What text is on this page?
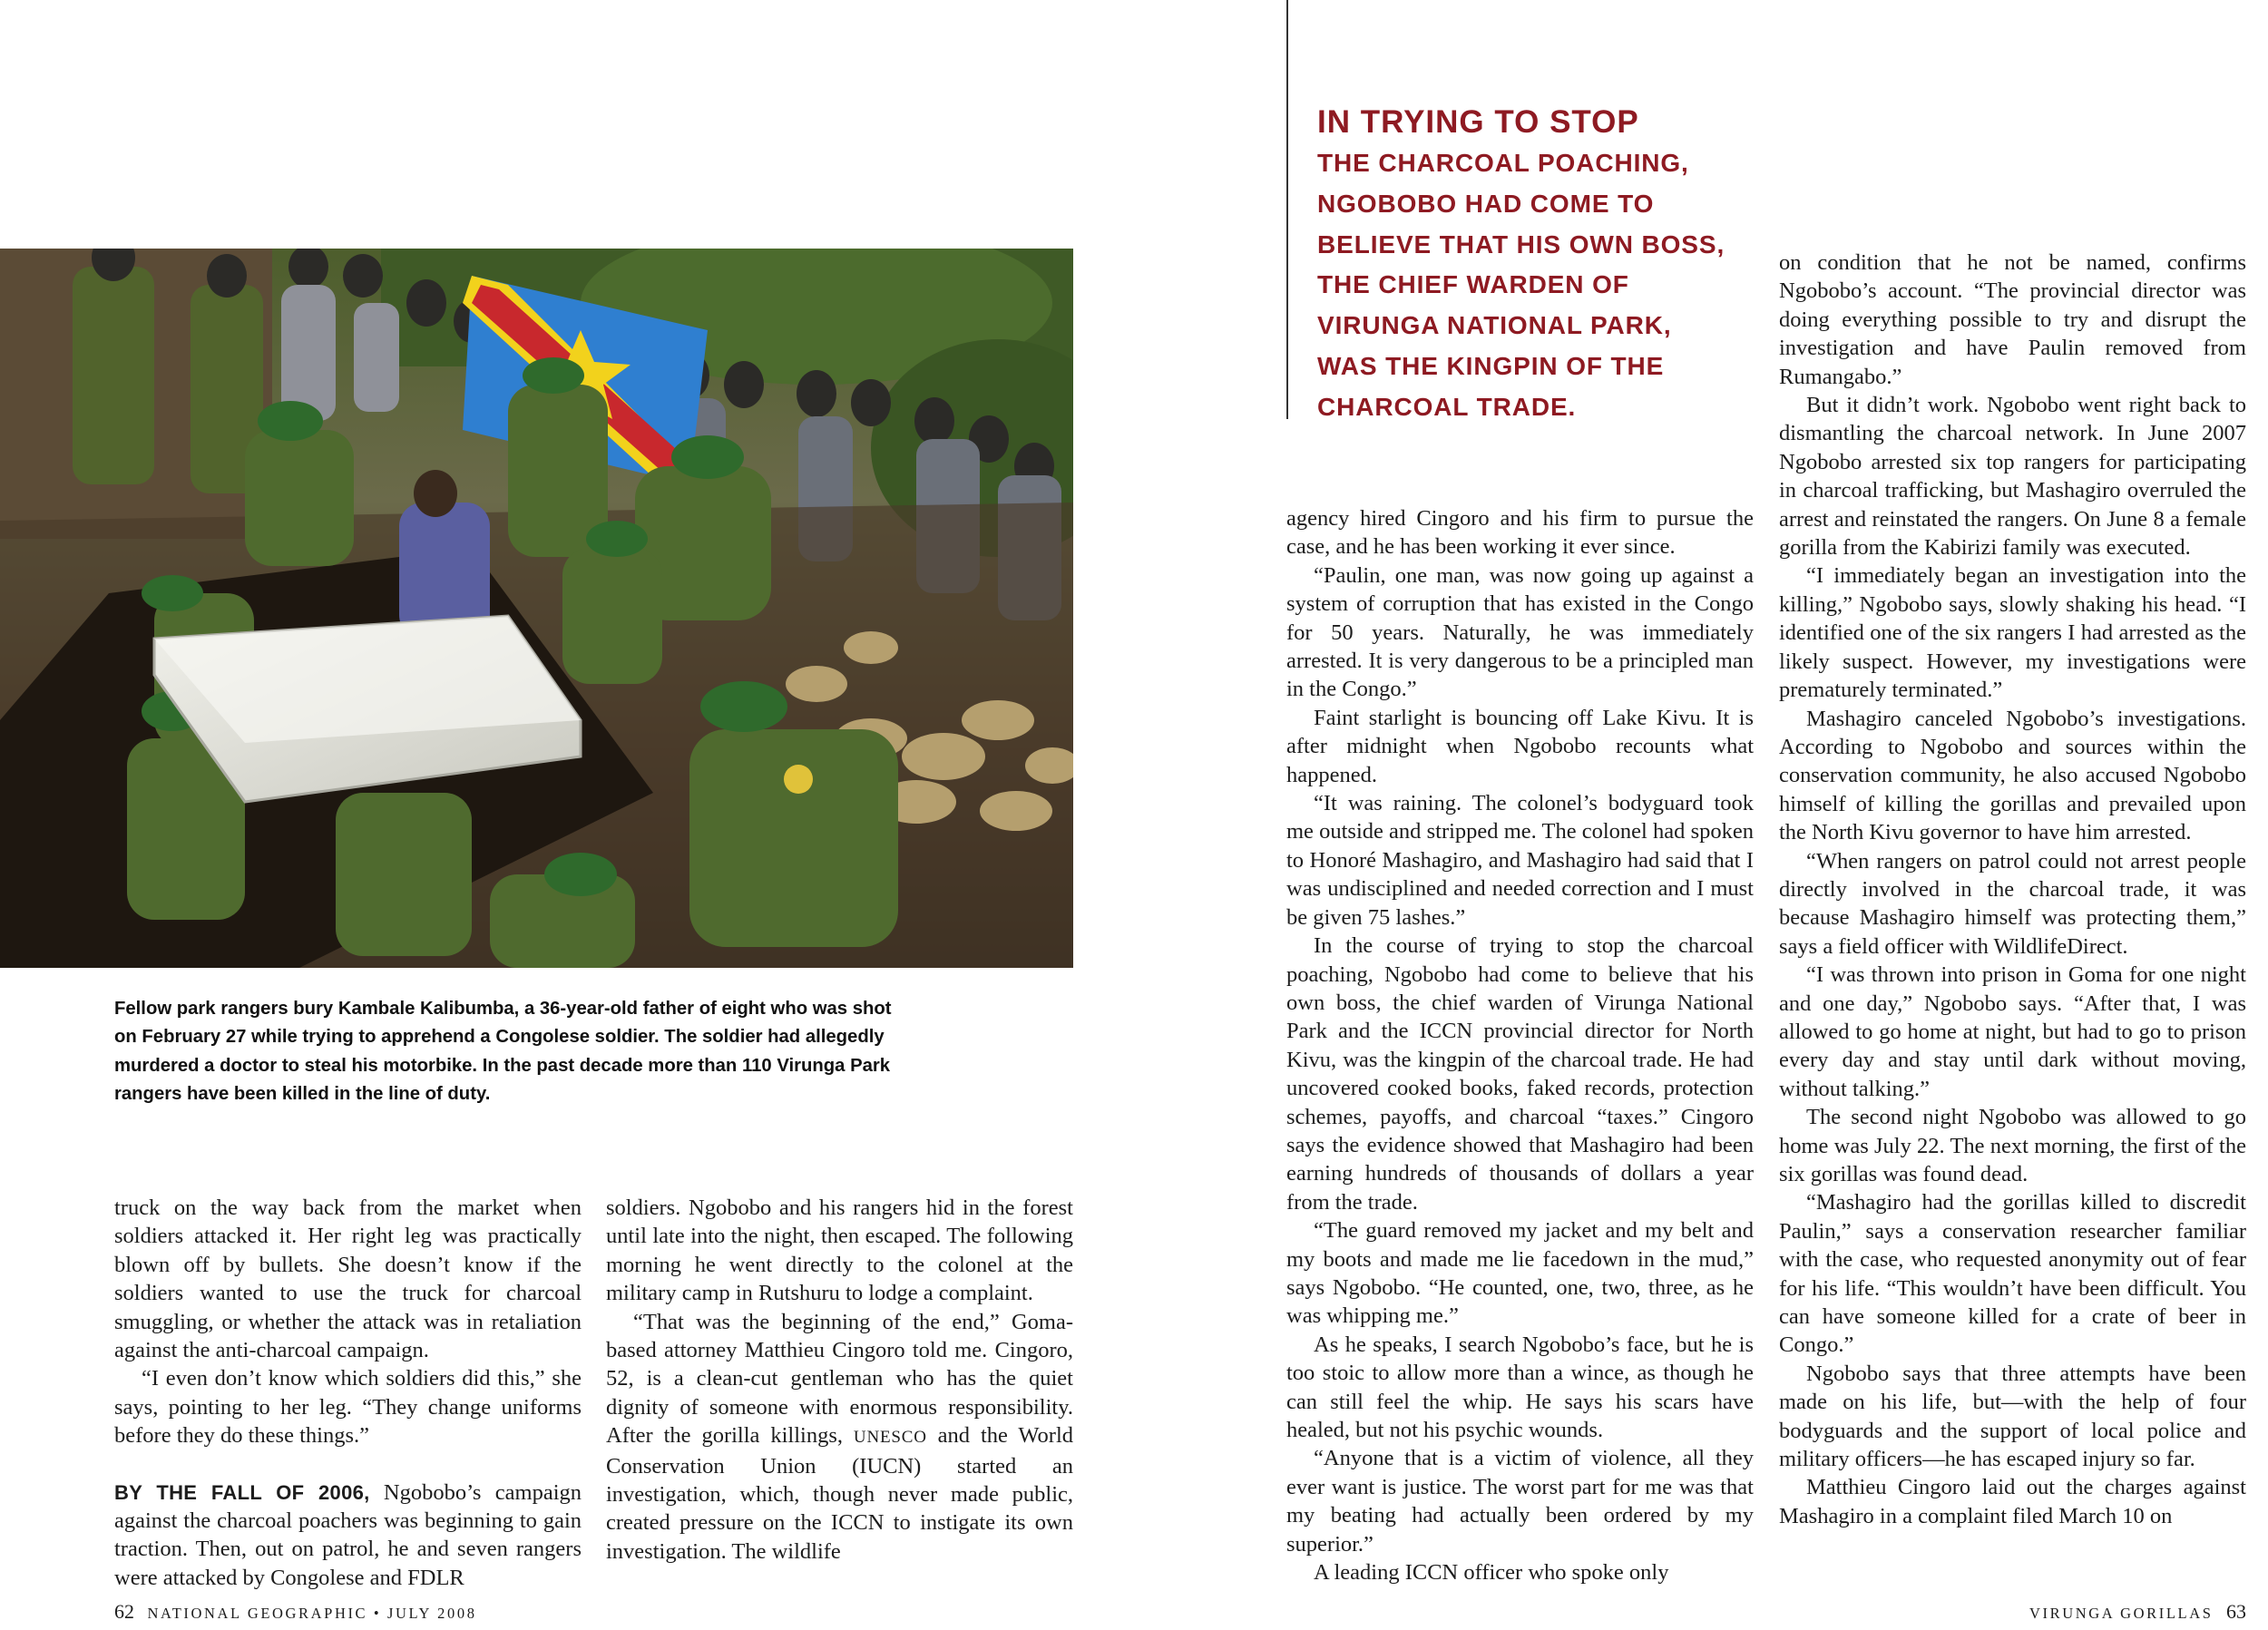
Fellow park rangers bury Kambale Kalibumba, a 36-year-old father of eight who was shot on February 27 while trying to apprehend a Congolese soldier. The soldier had allegedly murdered a doctor to steal his motorbike. In the past decade more than 110 Virunga Park rangers have been killed in the line of duty.

truck on the way back from the market when soldiers attacked it. Her right leg was practically blown off by bullets. She doesn’t know if the soldiers wanted to use the truck for charcoal smuggling, or whether the attack was in retaliation against the anti-charcoal campaign.

“I even don’t know which soldiers did this,” she says, pointing to her leg. “They change uniforms before they do these things.”

BY THE FALL OF 2006, Ngobobo’s campaign against the charcoal poachers was beginning to gain traction. Then, out on patrol, he and seven rangers were attacked by Congolese and FDLR

soldiers. Ngobobo and his rangers hid in the forest until late into the night, then escaped. The following morning he went directly to the colonel at the military camp in Rutshuru to lodge a complaint.

“That was the beginning of the end,” Goma-based attorney Matthieu Cingoro told me. Cingoro, 52, is a clean-cut gentleman who has the quiet dignity of someone with enormous responsibility. After the gorilla killings, UNESCO and the World Conservation Union (IUCN) started an investigation, which, though never made public, created pressure on the ICCN to instigate its own investigation. The wildlife

IN TRYING TO STOP
THE CHARCOAL POACHING, NGOBOBO HAD COME TO BELIEVE THAT HIS OWN BOSS, THE CHIEF WARDEN OF VIRUNGA NATIONAL PARK, WAS THE KINGPIN OF THE CHARCOAL TRADE.

agency hired Cingoro and his firm to pursue the case, and he has been working it ever since.

“Paulin, one man, was now going up against a system of corruption that has existed in the Congo for 50 years. Naturally, he was immediately arrested. It is very dangerous to be a principled man in the Congo.”

Faint starlight is bouncing off Lake Kivu. It is after midnight when Ngobobo recounts what happened.

“It was raining. The colonel’s bodyguard took me outside and stripped me. The colonel had spoken to Honoré Mashagiro, and Mashagiro had said that I was undisciplined and needed correction and I must be given 75 lashes.”

In the course of trying to stop the charcoal poaching, Ngobobo had come to believe that his own boss, the chief warden of Virunga National Park and the ICCN provincial director for North Kivu, was the kingpin of the charcoal trade. He had uncovered cooked books, faked records, protection schemes, payoffs, and charcoal “taxes.” Cingoro says the evidence showed that Mashagiro had been earning hundreds of thousands of dollars a year from the trade.

“The guard removed my jacket and my belt and my boots and made me lie facedown in the mud,” says Ngobobo. “He counted, one, two, three, as he was whipping me.”

As he speaks, I search Ngobobo’s face, but he is too stoic to allow more than a wince, as though he can still feel the whip. He says his scars have healed, but not his psychic wounds.

“Anyone that is a victim of violence, all they ever want is justice. The worst part for me was that my beating had actually been ordered by my superior.”

A leading ICCN officer who spoke only

on condition that he not be named, confirms Ngobobo’s account. “The provincial director was doing everything possible to try and disrupt the investigation and have Paulin removed from Rumangabo.”

But it didn’t work. Ngobobo went right back to dismantling the charcoal network. In June 2007 Ngobobo arrested six top rangers for participating in charcoal trafficking, but Mashagiro overruled the arrest and reinstated the rangers. On June 8 a female gorilla from the Kabirizi family was executed.

“I immediately began an investigation into the killing,” Ngobobo says, slowly shaking his head. “I identified one of the six rangers I had arrested as the likely suspect. However, my investigations were prematurely terminated.”

Mashagiro canceled Ngobobo’s investigations. According to Ngobobo and sources within the conservation community, he also accused Ngobobo himself of killing the gorillas and prevailed upon the North Kivu governor to have him arrested.

“When rangers on patrol could not arrest people directly involved in the charcoal trade, it was because Mashagiro himself was protecting them,” says a field officer with WildlifeDirect.

“I was thrown into prison in Goma for one night and one day,” Ngobobo says. “After that, I was allowed to go home at night, but had to go to prison every day and stay until dark without moving, without talking.”

The second night Ngobobo was allowed to go home was July 22. The next morning, the first of the six gorillas was found dead.

“Mashagiro had the gorillas killed to discredit Paulin,” says a conservation researcher familiar with the case, who requested anonymity out of fear for his life. “This wouldn’t have been difficult. You can have someone killed for a crate of beer in Congo.”

Ngobobo says that three attempts have been made on his life, but—with the help of four bodyguards and the support of local police and military officers—he has escaped injury so far.

Matthieu Cingoro laid out the charges against Mashagiro in a complaint filed March 10 on

62 NATIONAL GEOGRAPHIC • JULY 2008	VIRUNGA GORILLAS 63
